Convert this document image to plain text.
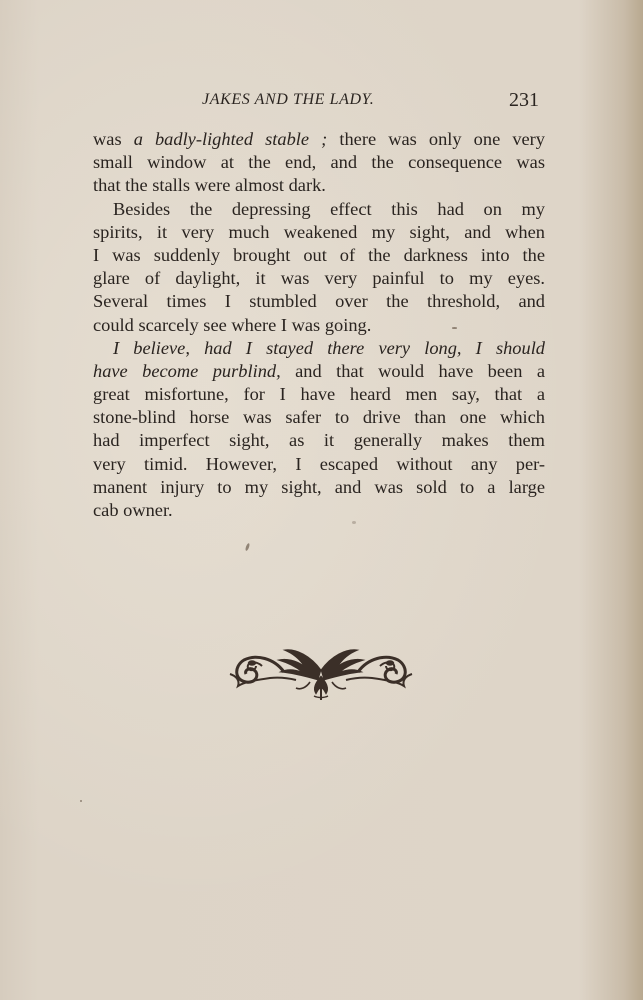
JAKES AND THE LADY.	231
was a badly-lighted stable ; there was only one very
small window at the end, and the consequence was
that the stalls were almost dark.
Besides the depressing effect this had on my
spirits, it very much weakened my sight, and when
I was suddenly brought out of the darkness into the
glare of daylight, it was very painful to my eyes.
Several times I stumbled over the threshold, and
could scarcely see where I was going.
I believe, had I stayed there very long, I should
have become purblind, and that would have been a
great misfortune, for I have heard men say, that a
stone-blind horse was safer to drive than one which
had imperfect sight, as it generally makes them
very timid. However, I escaped without any per-
manent injury to my sight, and was sold to a large
cab owner.
